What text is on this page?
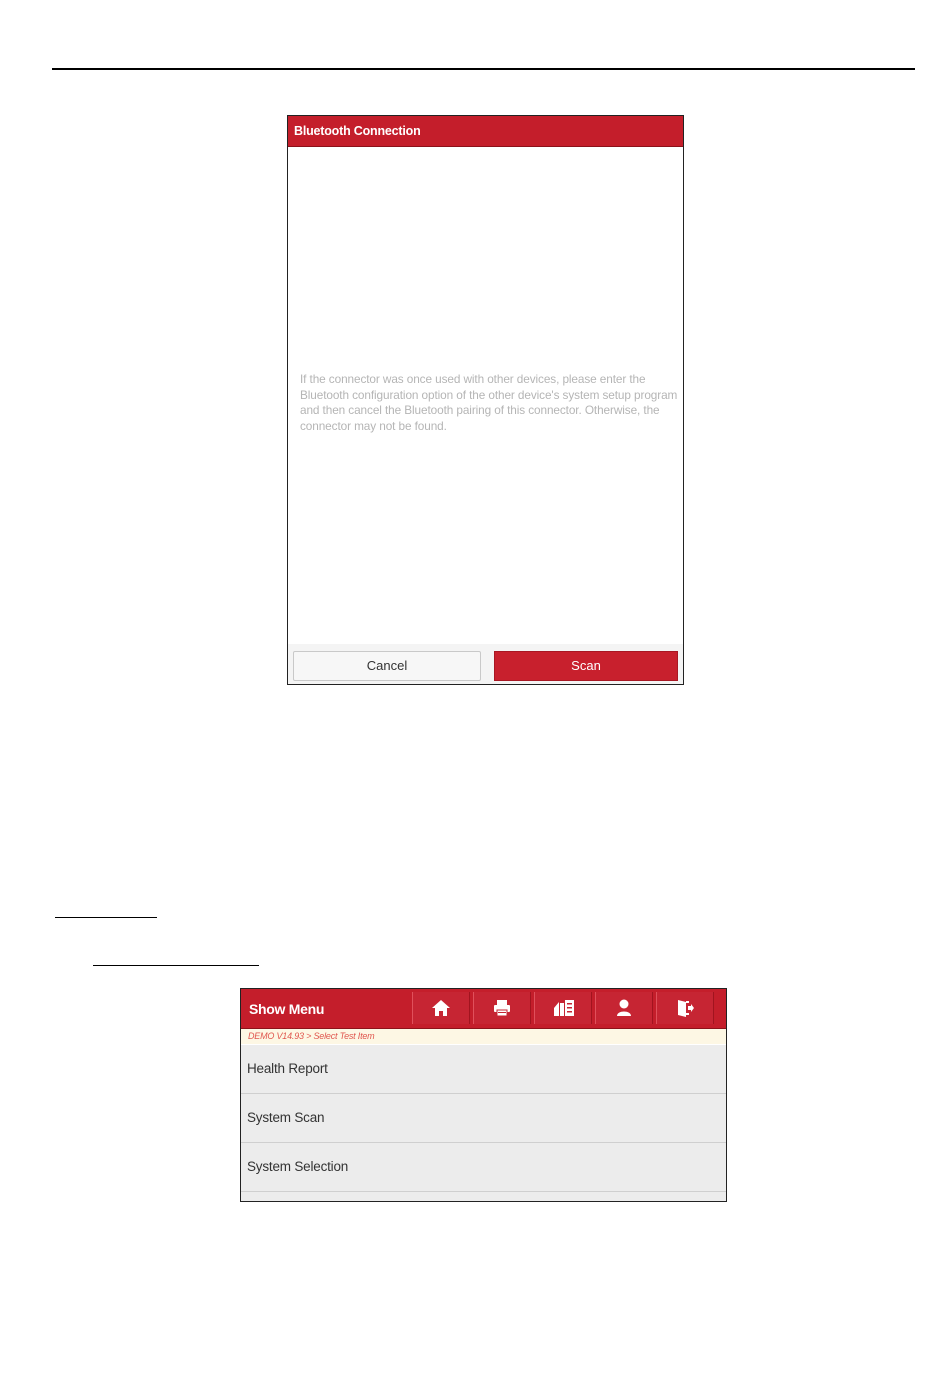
Bluetooth Connection
If the connector was once used with other devices, please enter the Bluetooth configuration option of the other device's system setup program and then cancel the Bluetooth pairing of this connector. Otherwise, the connector may not be found.
Cancel	Scan
Show Menu
DEMO V14.93 > Select Test Item
Health Report
System Scan
System Selection
